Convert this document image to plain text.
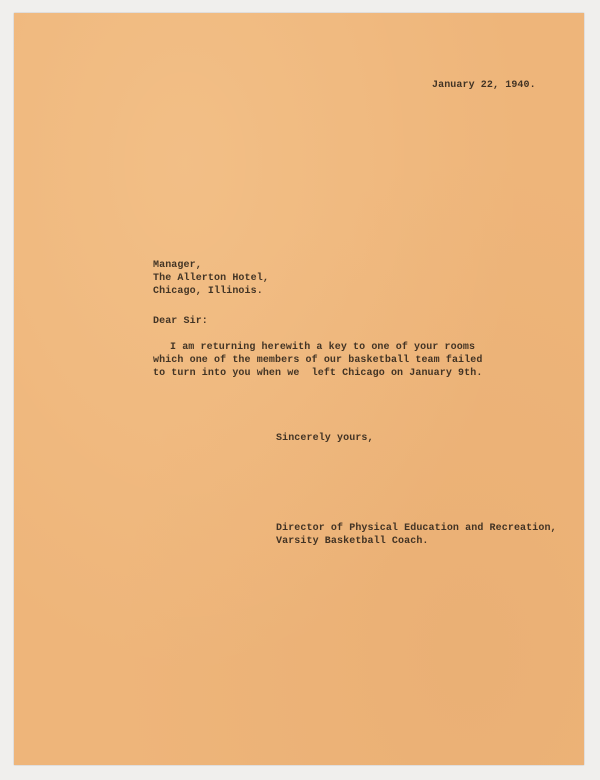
January 22, 1940.

Manager,

The Allerton Hotel,

Chicago, Illinois.

Dear Sir:

I am returning herewith a key to one of your rooms

which one of the members of our basketball team failed

to turn into you when we  left Chicago on January 9th.

Sincerely yours,

Director of Physical Education and Recreation,

Varsity Basketball Coach.
